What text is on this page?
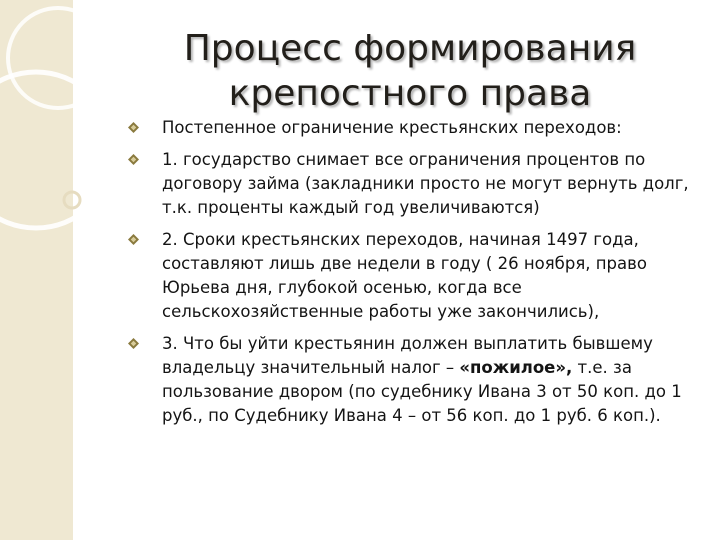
Процесс формирования
крепостного права
Постепенное ограничение крестьянских переходов:
1. государство снимает все ограничения процентов по договору займа (закладники просто не могут вернуть долг, т.к. проценты каждый год увеличиваются)
2. Сроки крестьянских переходов, начиная 1497 года, составляют лишь две недели в году ( 26 ноября, право Юрьева дня, глубокой осенью, когда все сельскохозяйственные работы уже закончились),
3. Что бы уйти крестьянин должен выплатить бывшему владельцу значительный налог – «пожилое», т.е. за пользование двором (по судебнику Ивана 3 от 50 коп. до 1 руб., по Судебнику Ивана 4 – от 56 коп. до 1 руб. 6 коп.).
